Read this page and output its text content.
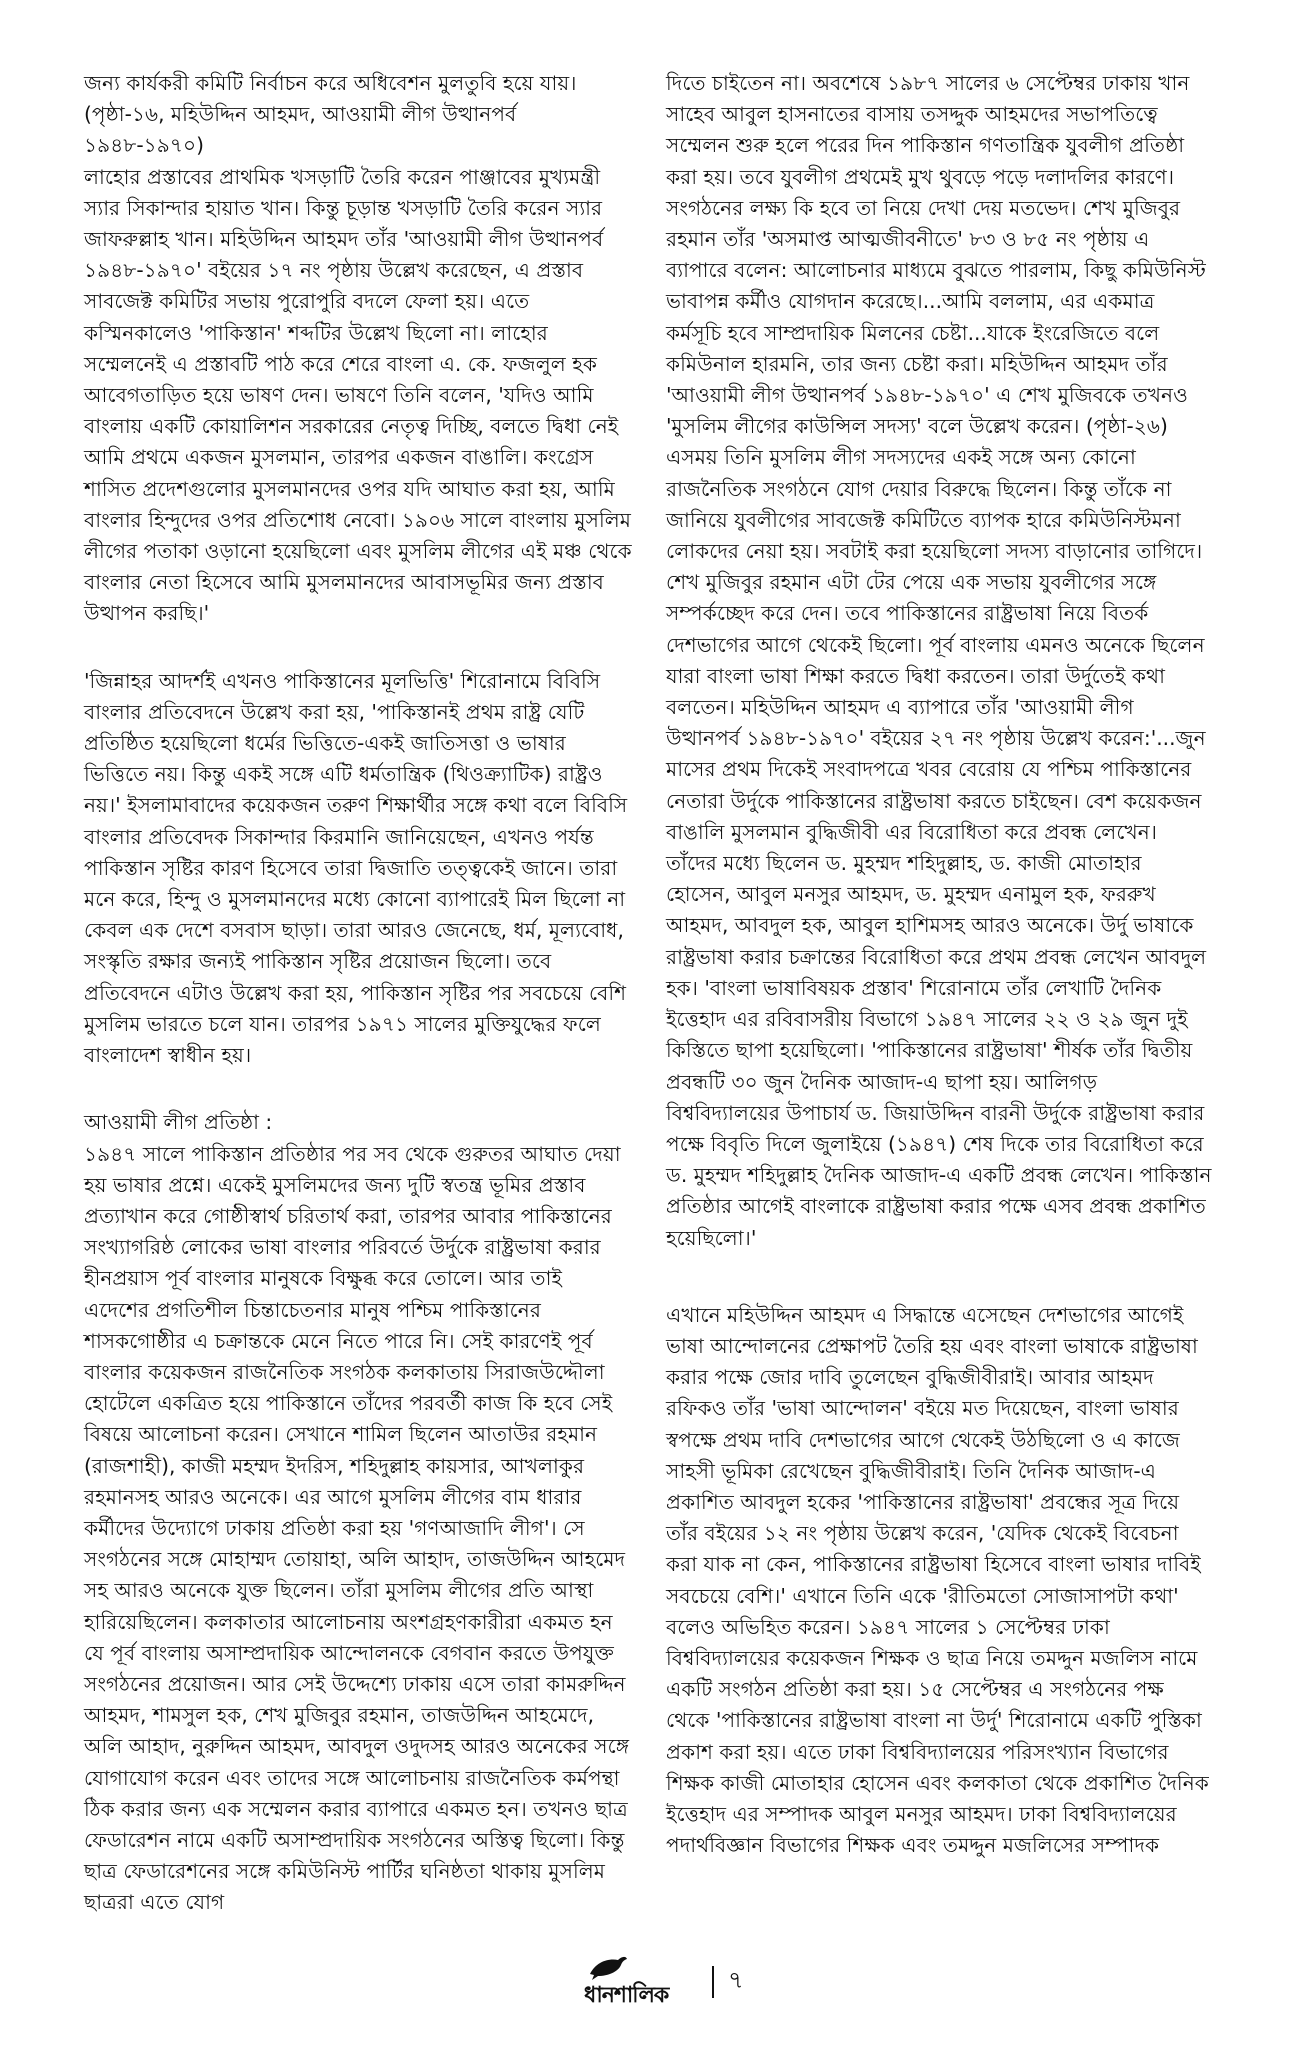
জন্য কার্যকরী কমিটি নির্বাচন করে অধিবেশন মুলতুবি হয়ে যায়। (পৃষ্ঠা-১৬, মহিউদ্দিন আহমদ, আওয়ামী লীগ উত্থানপর্ব ১৯৪৮-১৯৭০)

লাহোর প্রস্তাবের প্রাথমিক খসড়াটি তৈরি করেন পাঞ্জাবের মুখ্যমন্ত্রী স্যার সিকান্দার হায়াত খান। কিন্তু চূড়ান্ত খসড়াটি তৈরি করেন স্যার জাফরুল্লাহ খান। মহিউদ্দিন আহমদ তাঁর 'আওয়ামী লীগ উত্থানপর্ব ১৯৪৮-১৯৭০' বইয়ের ১৭ নং পৃষ্ঠায় উল্লেখ করেছেন, এ প্রস্তাব সাবজেক্ট কমিটির সভায় পুরোপুরি বদলে ফেলা হয়। এতে কস্মিনকালেও 'পাকিস্তান' শব্দটির উল্লেখ ছিলো না। লাহোর সম্মেলনেই এ প্রস্তাবটি পাঠ করে শেরে বাংলা এ. কে. ফজলুল হক আবেগতাড়িত হয়ে ভাষণ দেন। ভাষণে তিনি বলেন, 'যদিও আমি বাংলায় একটি কোয়ালিশন সরকারের নেতৃত্ব দিচ্ছি, বলতে দ্বিধা নেই আমি প্রথমে একজন মুসলমান, তারপর একজন বাঙালি। কংগ্রেস শাসিত প্রদেশগুলোর মুসলমানদের ওপর যদি আঘাত করা হয়, আমি বাংলার হিন্দুদের ওপর প্রতিশোধ নেবো। ১৯০৬ সালে বাংলায় মুসলিম লীগের পতাকা ওড়ানো হয়েছিলো এবং মুসলিম লীগের এই মঞ্চ থেকে বাংলার নেতা হিসেবে আমি মুসলমানদের আবাসভূমির জন্য প্রস্তাব উত্থাপন করছি।'

'জিন্নাহর আদর্শই এখনও পাকিস্তানের মূলভিত্তি' শিরোনামে বিবিসি বাংলার প্রতিবেদনে উল্লেখ করা হয়, 'পাকিস্তানই প্রথম রাষ্ট্র যেটি প্রতিষ্ঠিত হয়েছিলো ধর্মের ভিত্তিতে-একই জাতিসত্তা ও ভাষার ভিত্তিতে নয়। কিন্তু একই সঙ্গে এটি ধর্মতান্ত্রিক (থিওক্র্যাটিক) রাষ্ট্রও নয়।' ইসলামাবাদের কয়েকজন তরুণ শিক্ষার্থীর সঙ্গে কথা বলে বিবিসি বাংলার প্রতিবেদক সিকান্দার কিরমানি জানিয়েছেন, এখনও পর্যন্ত পাকিস্তান সৃষ্টির কারণ হিসেবে তারা দ্বিজাতি তত্ত্বকেই জানে। তারা মনে করে, হিন্দু ও মুসলমানদের মধ্যে কোনো ব্যাপারেই মিল ছিলো না কেবল এক দেশে বসবাস ছাড়া। তারা আরও জেনেছে, ধর্ম, মূল্যবোধ, সংস্কৃতি রক্ষার জন্যই পাকিস্তান সৃষ্টির প্রয়োজন ছিলো। তবে প্রতিবেদনে এটাও উল্লেখ করা হয়, পাকিস্তান সৃষ্টির পর সবচেয়ে বেশি মুসলিম ভারতে চলে যান। তারপর ১৯৭১ সালের মুক্তিযুদ্ধের ফলে বাংলাদেশ স্বাধীন হয়।

আওয়ামী লীগ প্রতিষ্ঠা :

১৯৪৭ সালে পাকিস্তান প্রতিষ্ঠার পর সব থেকে গুরুতর আঘাত দেয়া হয় ভাষার প্রশ্নে। একেই মুসলিমদের জন্য দুটি স্বতন্ত্র ভূমির প্রস্তাব প্রত্যাখান করে গোষ্ঠীস্বার্থ চরিতার্থ করা, তারপর আবার পাকিস্তানের সংখ্যাগরিষ্ঠ লোকের ভাষা বাংলার পরিবর্তে উর্দুকে রাষ্ট্রভাষা করার হীনপ্রয়াস পূর্ব বাংলার মানুষকে বিক্ষুব্ধ করে তোলে। আর তাই এদেশের প্রগতিশীল চিন্তাচেতনার মানুষ পশ্চিম পাকিস্তানের শাসকগোষ্ঠীর এ চক্রান্তকে মেনে নিতে পারে নি। সেই কারণেই পূর্ব বাংলার কয়েকজন রাজনৈতিক সংগঠক কলকাতায় সিরাজউদ্দৌলা হোটেলে একত্রিত হয়ে পাকিস্তানে তাঁদের পরবর্তী কাজ কি হবে সেই বিষয়ে আলোচনা করেন। সেখানে শামিল ছিলেন আতাউর রহমান (রাজশাহী), কাজী মহম্মদ ইদরিস, শহিদুল্লাহ কায়সার, আখলাকুর রহমানসহ আরও অনেকে। এর আগে মুসলিম লীগের বাম ধারার কর্মীদের উদ্যোগে ঢাকায় প্রতিষ্ঠা করা হয় 'গণআজাদি লীগ'। সে সংগঠনের সঙ্গে মোহাম্মদ তোয়াহা, অলি আহাদ, তাজউদ্দিন আহমেদ সহ আরও অনেকে যুক্ত ছিলেন। তাঁরা মুসলিম লীগের প্রতি আস্থা হারিয়েছিলেন। কলকাতার আলোচনায় অংশগ্রহণকারীরা একমত হন যে পূর্ব বাংলায় অসাম্প্রদায়িক আন্দোলনকে বেগবান করতে উপযুক্ত সংগঠনের প্রয়োজন। আর সেই উদ্দেশ্যে ঢাকায় এসে তারা কামরুদ্দিন আহমদ, শামসুল হক, শেখ মুজিবুর রহমান, তাজউদ্দিন আহমেদে, অলি আহাদ, নুরুদ্দিন আহমদ, আবদুল ওদুদসহ আরও অনেকের সঙ্গে যোগাযোগ করেন এবং তাদের সঙ্গে আলোচনায় রাজনৈতিক কর্মপন্থা ঠিক করার জন্য এক সম্মেলন করার ব্যাপারে একমত হন। তখনও ছাত্র ফেডারেশন নামে একটি অসাম্প্রদায়িক সংগঠনের অস্তিত্ব ছিলো। কিন্তু ছাত্র ফেডারেশনের সঙ্গে কমিউনিস্ট পার্টির ঘনিষ্ঠতা থাকায় মুসলিম ছাত্ররা এতে যোগ

দিতে চাইতেন না। অবশেষে ১৯৮৭ সালের ৬ সেপ্টেম্বর ঢাকায় খান সাহেব আবুল হাসনাতের বাসায় তসদ্দুক আহমদের সভাপতিত্বে সম্মেলন শুরু হলে পরের দিন পাকিস্তান গণতান্ত্রিক যুবলীগ প্রতিষ্ঠা করা হয়। তবে যুবলীগ প্রথমেই মুখ থুবড়ে পড়ে দলাদলির কারণে। সংগঠনের লক্ষ্য কি হবে তা নিয়ে দেখা দেয় মতভেদ। শেখ মুজিবুর রহমান তাঁর 'অসমাপ্ত আত্মজীবনীতে' ৮৩ ও ৮৫ নং পৃষ্ঠায় এ ব্যাপারে বলেন: আলোচনার মাধ্যমে বুঝতে পারলাম, কিছু কমিউনিস্ট ভাবাপন্ন কর্মীও যোগদান করেছে।...আমি বললাম, এর একমাত্র কর্মসূচি হবে সাম্প্রদায়িক মিলনের চেষ্টা...যাকে ইংরেজিতে বলে কমিউনাল হারমনি, তার জন্য চেষ্টা করা। মহিউদ্দিন আহমদ তাঁর 'আওয়ামী লীগ উত্থানপর্ব ১৯৪৮-১৯৭০' এ শেখ মুজিবকে তখনও 'মুসলিম লীগের কাউন্সিল সদস্য' বলে উল্লেখ করেন। (পৃষ্ঠা-২৬) এসময় তিনি মুসলিম লীগ সদস্যদের একই সঙ্গে অন্য কোনো রাজনৈতিক সংগঠনে যোগ দেয়ার বিরুদ্ধে ছিলেন। কিন্তু তাঁকে না জানিয়ে যুবলীগের সাবজেক্ট কমিটিতে ব্যাপক হারে কমিউনিস্টমনা লোকদের নেয়া হয়। সবটাই করা হয়েছিলো সদস্য বাড়ানোর তাগিদে। শেখ মুজিবুর রহমান এটা টের পেয়ে এক সভায় যুবলীগের সঙ্গে সম্পর্কচ্ছেদ করে দেন। তবে পাকিস্তানের রাষ্ট্রভাষা নিয়ে বিতর্ক দেশভাগের আগে থেকেই ছিলো। পূর্ব বাংলায় এমনও অনেকে ছিলেন যারা বাংলা ভাষা শিক্ষা করতে দ্বিধা করতেন। তারা উর্দুতেই কথা বলতেন। মহিউদ্দিন আহমদ এ ব্যাপারে তাঁর 'আওয়ামী লীগ উত্থানপর্ব ১৯৪৮-১৯৭০' বইয়ের ২৭ নং পৃষ্ঠায় উল্লেখ করেন:'...জুন মাসের প্রথম দিকেই সংবাদপত্রে খবর বেরোয় যে পশ্চিম পাকিস্তানের নেতারা উর্দুকে পাকিস্তানের রাষ্ট্রভাষা করতে চাইছেন। বেশ কয়েকজন বাঙালি মুসলমান বুদ্ধিজীবী এর বিরোধিতা করে প্রবন্ধ লেখেন। তাঁদের মধ্যে ছিলেন ড. মুহম্মদ শহিদুল্লাহ, ড. কাজী মোতাহার হোসেন, আবুল মনসুর আহমদ, ড. মুহম্মদ এনামুল হক, ফররুখ আহমদ, আবদুল হক, আবুল হাশিমসহ আরও অনেকে। উর্দু ভাষাকে রাষ্ট্রভাষা করার চক্রান্তের বিরোধিতা করে প্রথম প্রবন্ধ লেখেন আবদুল হক। 'বাংলা ভাষাবিষয়ক প্রস্তাব' শিরোনামে তাঁর লেখাটি দৈনিক ইত্তেহাদ এর রবিবাসরীয় বিভাগে ১৯৪৭ সালের ২২ ও ২৯ জুন দুই কিস্তিতে ছাপা হয়েছিলো। 'পাকিস্তানের রাষ্ট্রভাষা' শীর্ষক তাঁর দ্বিতীয় প্রবন্ধটি ৩০ জুন দৈনিক আজাদ-এ ছাপা হয়। আলিগড় বিশ্ববিদ্যালয়ের উপাচার্য ড. জিয়াউদ্দিন বারনী উর্দুকে রাষ্ট্রভাষা করার পক্ষে বিবৃতি দিলে জুলাইয়ে (১৯৪৭) শেষ দিকে তার বিরোধিতা করে ড. মুহম্মদ শহিদুল্লাহ দৈনিক আজাদ-এ একটি প্রবন্ধ লেখেন। পাকিস্তান প্রতিষ্ঠার আগেই বাংলাকে রাষ্ট্রভাষা করার পক্ষে এসব প্রবন্ধ প্রকাশিত হয়েছিলো।'

এখানে মহিউদ্দিন আহমদ এ সিদ্ধান্তে এসেছেন দেশভাগের আগেই ভাষা আন্দোলনের প্রেক্ষাপট তৈরি হয় এবং বাংলা ভাষাকে রাষ্ট্রভাষা করার পক্ষে জোর দাবি তুলেছেন বুদ্ধিজীবীরাই। আবার আহমদ রফিকও তাঁর 'ভাষা আন্দোলন' বইয়ে মত দিয়েছেন, বাংলা ভাষার স্বপক্ষে প্রথম দাবি দেশভাগের আগে থেকেই উঠছিলো ও এ কাজে সাহসী ভূমিকা রেখেছেন বুদ্ধিজীবীরাই। তিনি দৈনিক আজাদ-এ প্রকাশিত আবদুল হকের 'পাকিস্তানের রাষ্ট্রভাষা' প্রবন্ধের সূত্র দিয়ে তাঁর বইয়ের ১২ নং পৃষ্ঠায় উল্লেখ করেন, 'যেদিক থেকেই বিবেচনা করা যাক না কেন, পাকিস্তানের রাষ্ট্রভাষা হিসেবে বাংলা ভাষার দাবিই সবচেয়ে বেশি।' এখানে তিনি একে 'রীতিমতো সোজাসাপটা কথা' বলেও অভিহিত করেন। ১৯৪৭ সালের ১ সেপ্টেম্বর ঢাকা বিশ্ববিদ্যালয়ের কয়েকজন শিক্ষক ও ছাত্র নিয়ে তমদ্দুন মজলিস নামে একটি সংগঠন প্রতিষ্ঠা করা হয়। ১৫ সেপ্টেম্বর এ সংগঠনের পক্ষ থেকে 'পাকিস্তানের রাষ্ট্রভাষা বাংলা না উর্দু' শিরোনামে একটি পুস্তিকা প্রকাশ করা হয়। এতে ঢাকা বিশ্ববিদ্যালয়ের পরিসংখ্যান বিভাগের শিক্ষক কাজী মোতাহার হোসেন এবং কলকাতা থেকে প্রকাশিত দৈনিক ইত্তেহাদ এর সম্পাদক আবুল মনসুর আহমদ। ঢাকা বিশ্ববিদ্যালয়ের পদার্থবিজ্ঞান বিভাগের শিক্ষক এবং তমদ্দুন মজলিসের সম্পাদক

ধানশালিক
৭
